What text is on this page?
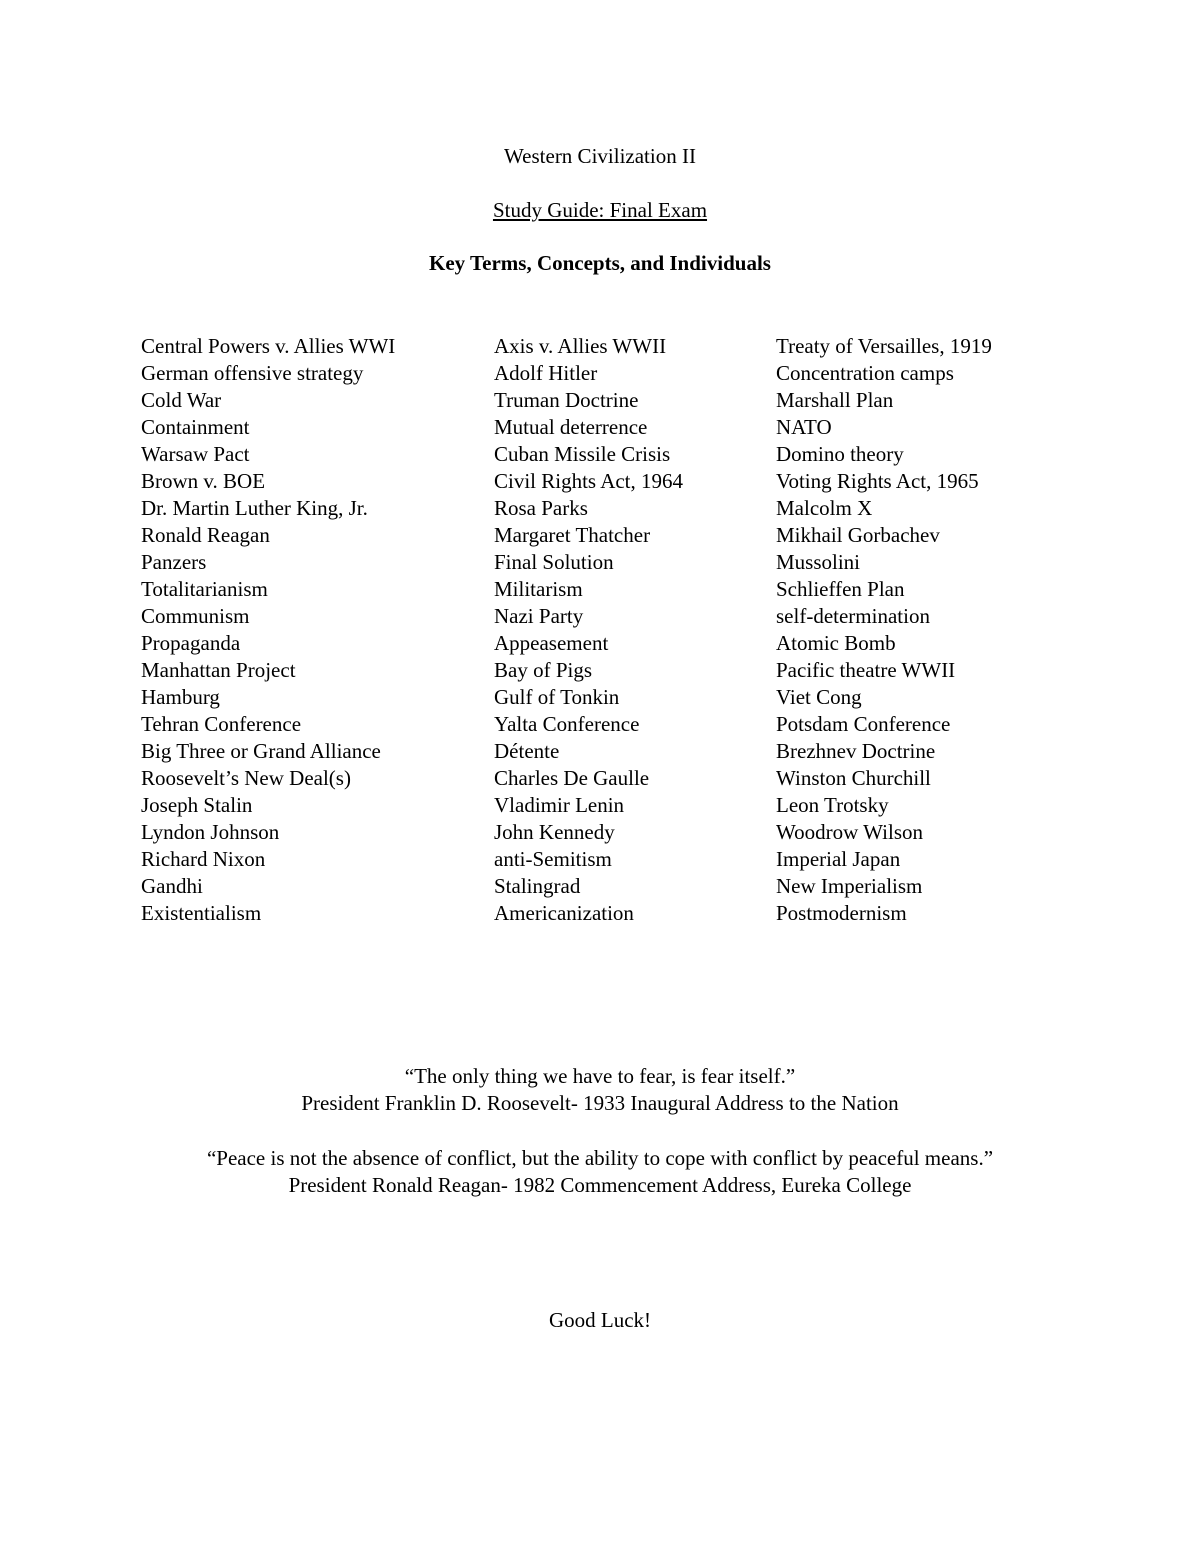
Western Civilization II
Study Guide: Final Exam
Key Terms, Concepts, and Individuals
Central Powers v. Allies WWI
German offensive strategy
Cold War
Containment
Warsaw Pact
Brown v. BOE
Dr. Martin Luther King, Jr.
Ronald Reagan
Panzers
Totalitarianism
Communism
Propaganda
Manhattan Project
Hamburg
Tehran Conference
Big Three or Grand Alliance
Roosevelt’s New Deal(s)
Joseph Stalin
Lyndon Johnson
Richard Nixon
Gandhi
Existentialism
Axis v. Allies WWII
Adolf Hitler
Truman Doctrine
Mutual deterrence
Cuban Missile Crisis
Civil Rights Act, 1964
Rosa Parks
Margaret Thatcher
Final Solution
Militarism
Nazi Party
Appeasement
Bay of Pigs
Gulf of Tonkin
Yalta Conference
Détente
Charles De Gaulle
Vladimir Lenin
John Kennedy
anti-Semitism
Stalingrad
Americanization
Treaty of Versailles, 1919
Concentration camps
Marshall Plan
NATO
Domino theory
Voting Rights Act, 1965
Malcolm X
Mikhail Gorbachev
Mussolini
Schlieffen Plan
self-determination
Atomic Bomb
Pacific theatre WWII
Viet Cong
Potsdam Conference
Brezhnev Doctrine
Winston Churchill
Leon Trotsky
Woodrow Wilson
Imperial Japan
New Imperialism
Postmodernism
“The only thing we have to fear, is fear itself.”
President Franklin D. Roosevelt- 1933 Inaugural Address to the Nation
“Peace is not the absence of conflict, but the ability to cope with conflict by peaceful means.”
President Ronald Reagan- 1982 Commencement Address, Eureka College
Good Luck!
